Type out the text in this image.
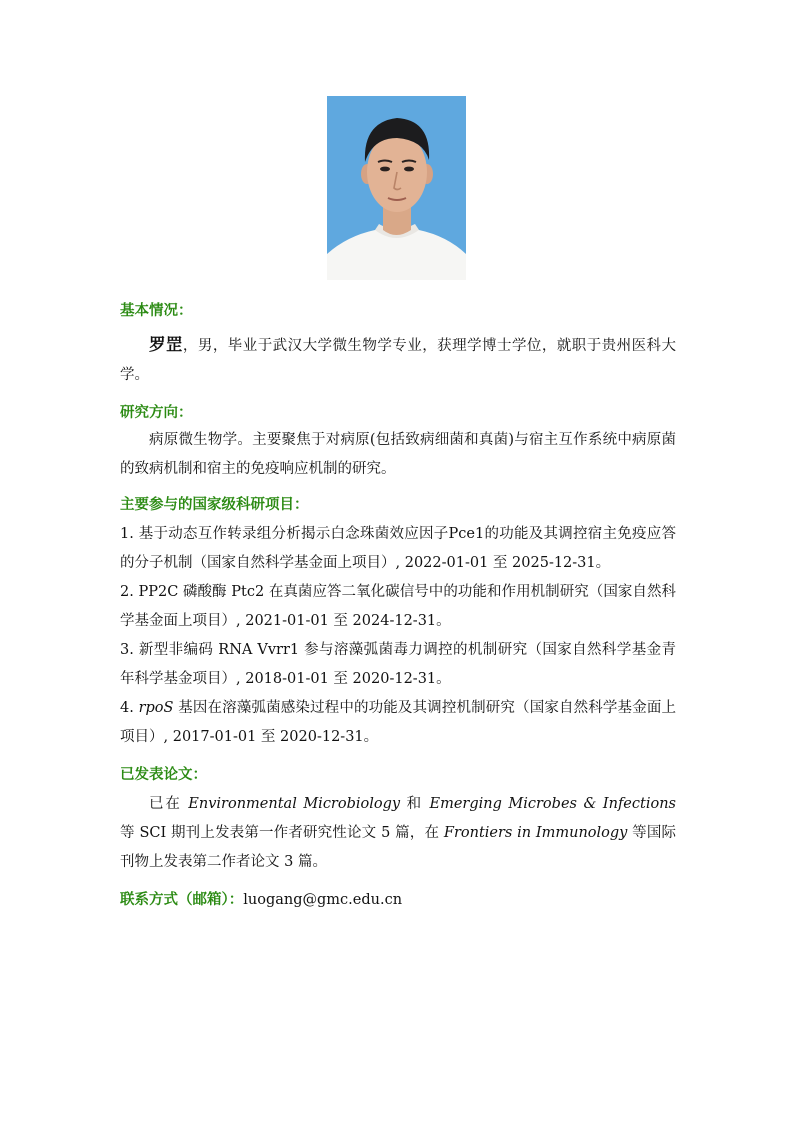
基本情况：
罗罡，男，毕业于武汉大学微生物学专业，获理学博士学位，就职于贵州医科大学。
研究方向：
病原微生物学。主要聚焦于对病原(包括致病细菌和真菌)与宿主互作系统中病原菌的致病机制和宿主的免疫响应机制的研究。
主要参与的国家级科研项目：
1. 基于动态互作转录组分析揭示白念珠菌效应因子Pce1的功能及其调控宿主免疫应答的分子机制（国家自然科学基金面上项目）, 2022-01-01 至 2025-12-31。
2. PP2C 磷酸酶 Ptc2 在真菌应答二氧化碳信号中的功能和作用机制研究（国家自然科学基金面上项目）, 2021-01-01 至 2024-12-31。
3. 新型非编码 RNA Vvrr1 参与溶藻弧菌毒力调控的机制研究（国家自然科学基金青年科学基金项目）, 2018-01-01 至 2020-12-31。
4. rpoS 基因在溶藻弧菌感染过程中的功能及其调控机制研究（国家自然科学基金面上项目）, 2017-01-01 至 2020-12-31。
已发表论文：
已在 Environmental Microbiology 和 Emerging Microbes & Infections 等 SCI 期刊上发表第一作者研究性论文 5 篇，在 Frontiers in Immunology 等国际刊物上发表第二作者论文 3 篇。
联系方式（邮箱）：luogang@gmc.edu.cn
